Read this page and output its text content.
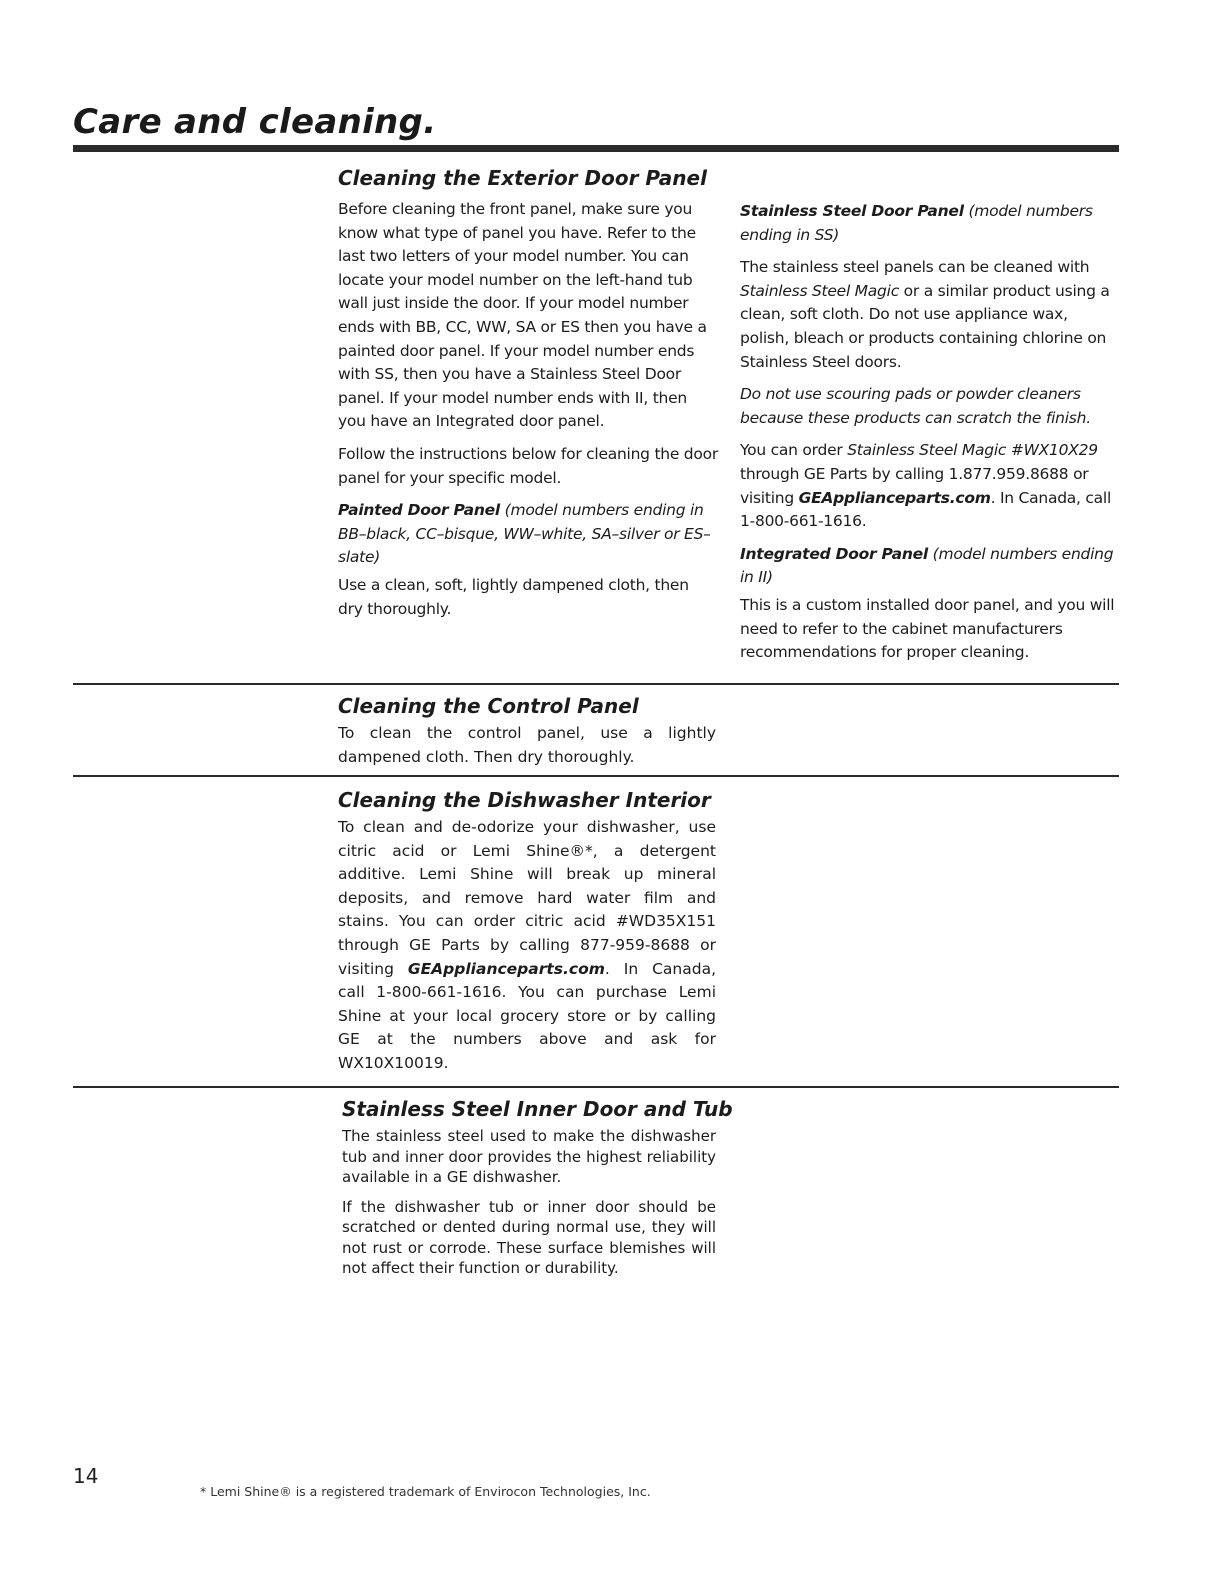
Care and cleaning.
Cleaning the Exterior Door Panel

Before cleaning the front panel, make sure you know what type of panel you have. Refer to the last two letters of your model number. You can locate your model number on the left-hand tub wall just inside the door. If your model number ends with BB, CC, WW, SA or ES then you have a painted door panel. If your model number ends with SS, then you have a Stainless Steel Door panel. If your model number ends with II, then you have an Integrated door panel.

Follow the instructions below for cleaning the door panel for your specific model.

Painted Door Panel (model numbers ending in BB–black, CC–bisque, WW–white, SA–silver or ES–slate)

Use a clean, soft, lightly dampened cloth, then dry thoroughly.

Stainless Steel Door Panel (model numbers ending in SS)

The stainless steel panels can be cleaned with Stainless Steel Magic or a similar product using a clean, soft cloth. Do not use appliance wax, polish, bleach or products containing chlorine on Stainless Steel doors.

Do not use scouring pads or powder cleaners because these products can scratch the finish.

You can order Stainless Steel Magic #WX10X29 through GE Parts by calling 1.877.959.8688 or visiting GEApplianceparts.com. In Canada, call 1-800-661-1616.

Integrated Door Panel (model numbers ending in II)

This is a custom installed door panel, and you will need to refer to the cabinet manufacturers recommendations for proper cleaning.

Cleaning the Control Panel

To clean the control panel, use a lightly dampened cloth. Then dry thoroughly.

Cleaning the Dishwasher Interior

To clean and de-odorize your dishwasher, use citric acid or Lemi Shine®*, a detergent additive. Lemi Shine will break up mineral deposits, and remove hard water film and stains. You can order citric acid #WD35X151 through GE Parts by calling 877-959-8688 or visiting GEApplianceparts.com. In Canada, call 1-800-661-1616. You can purchase Lemi Shine at your local grocery store or by calling GE at the numbers above and ask for WX10X10019.

Stainless Steel Inner Door and Tub

The stainless steel used to make the dishwasher tub and inner door provides the highest reliability available in a GE dishwasher.

If the dishwasher tub or inner door should be scratched or dented during normal use, they will not rust or corrode. These surface blemishes will not affect their function or durability.

14
* Lemi Shine® is a registered trademark of Envirocon Technologies, Inc.
